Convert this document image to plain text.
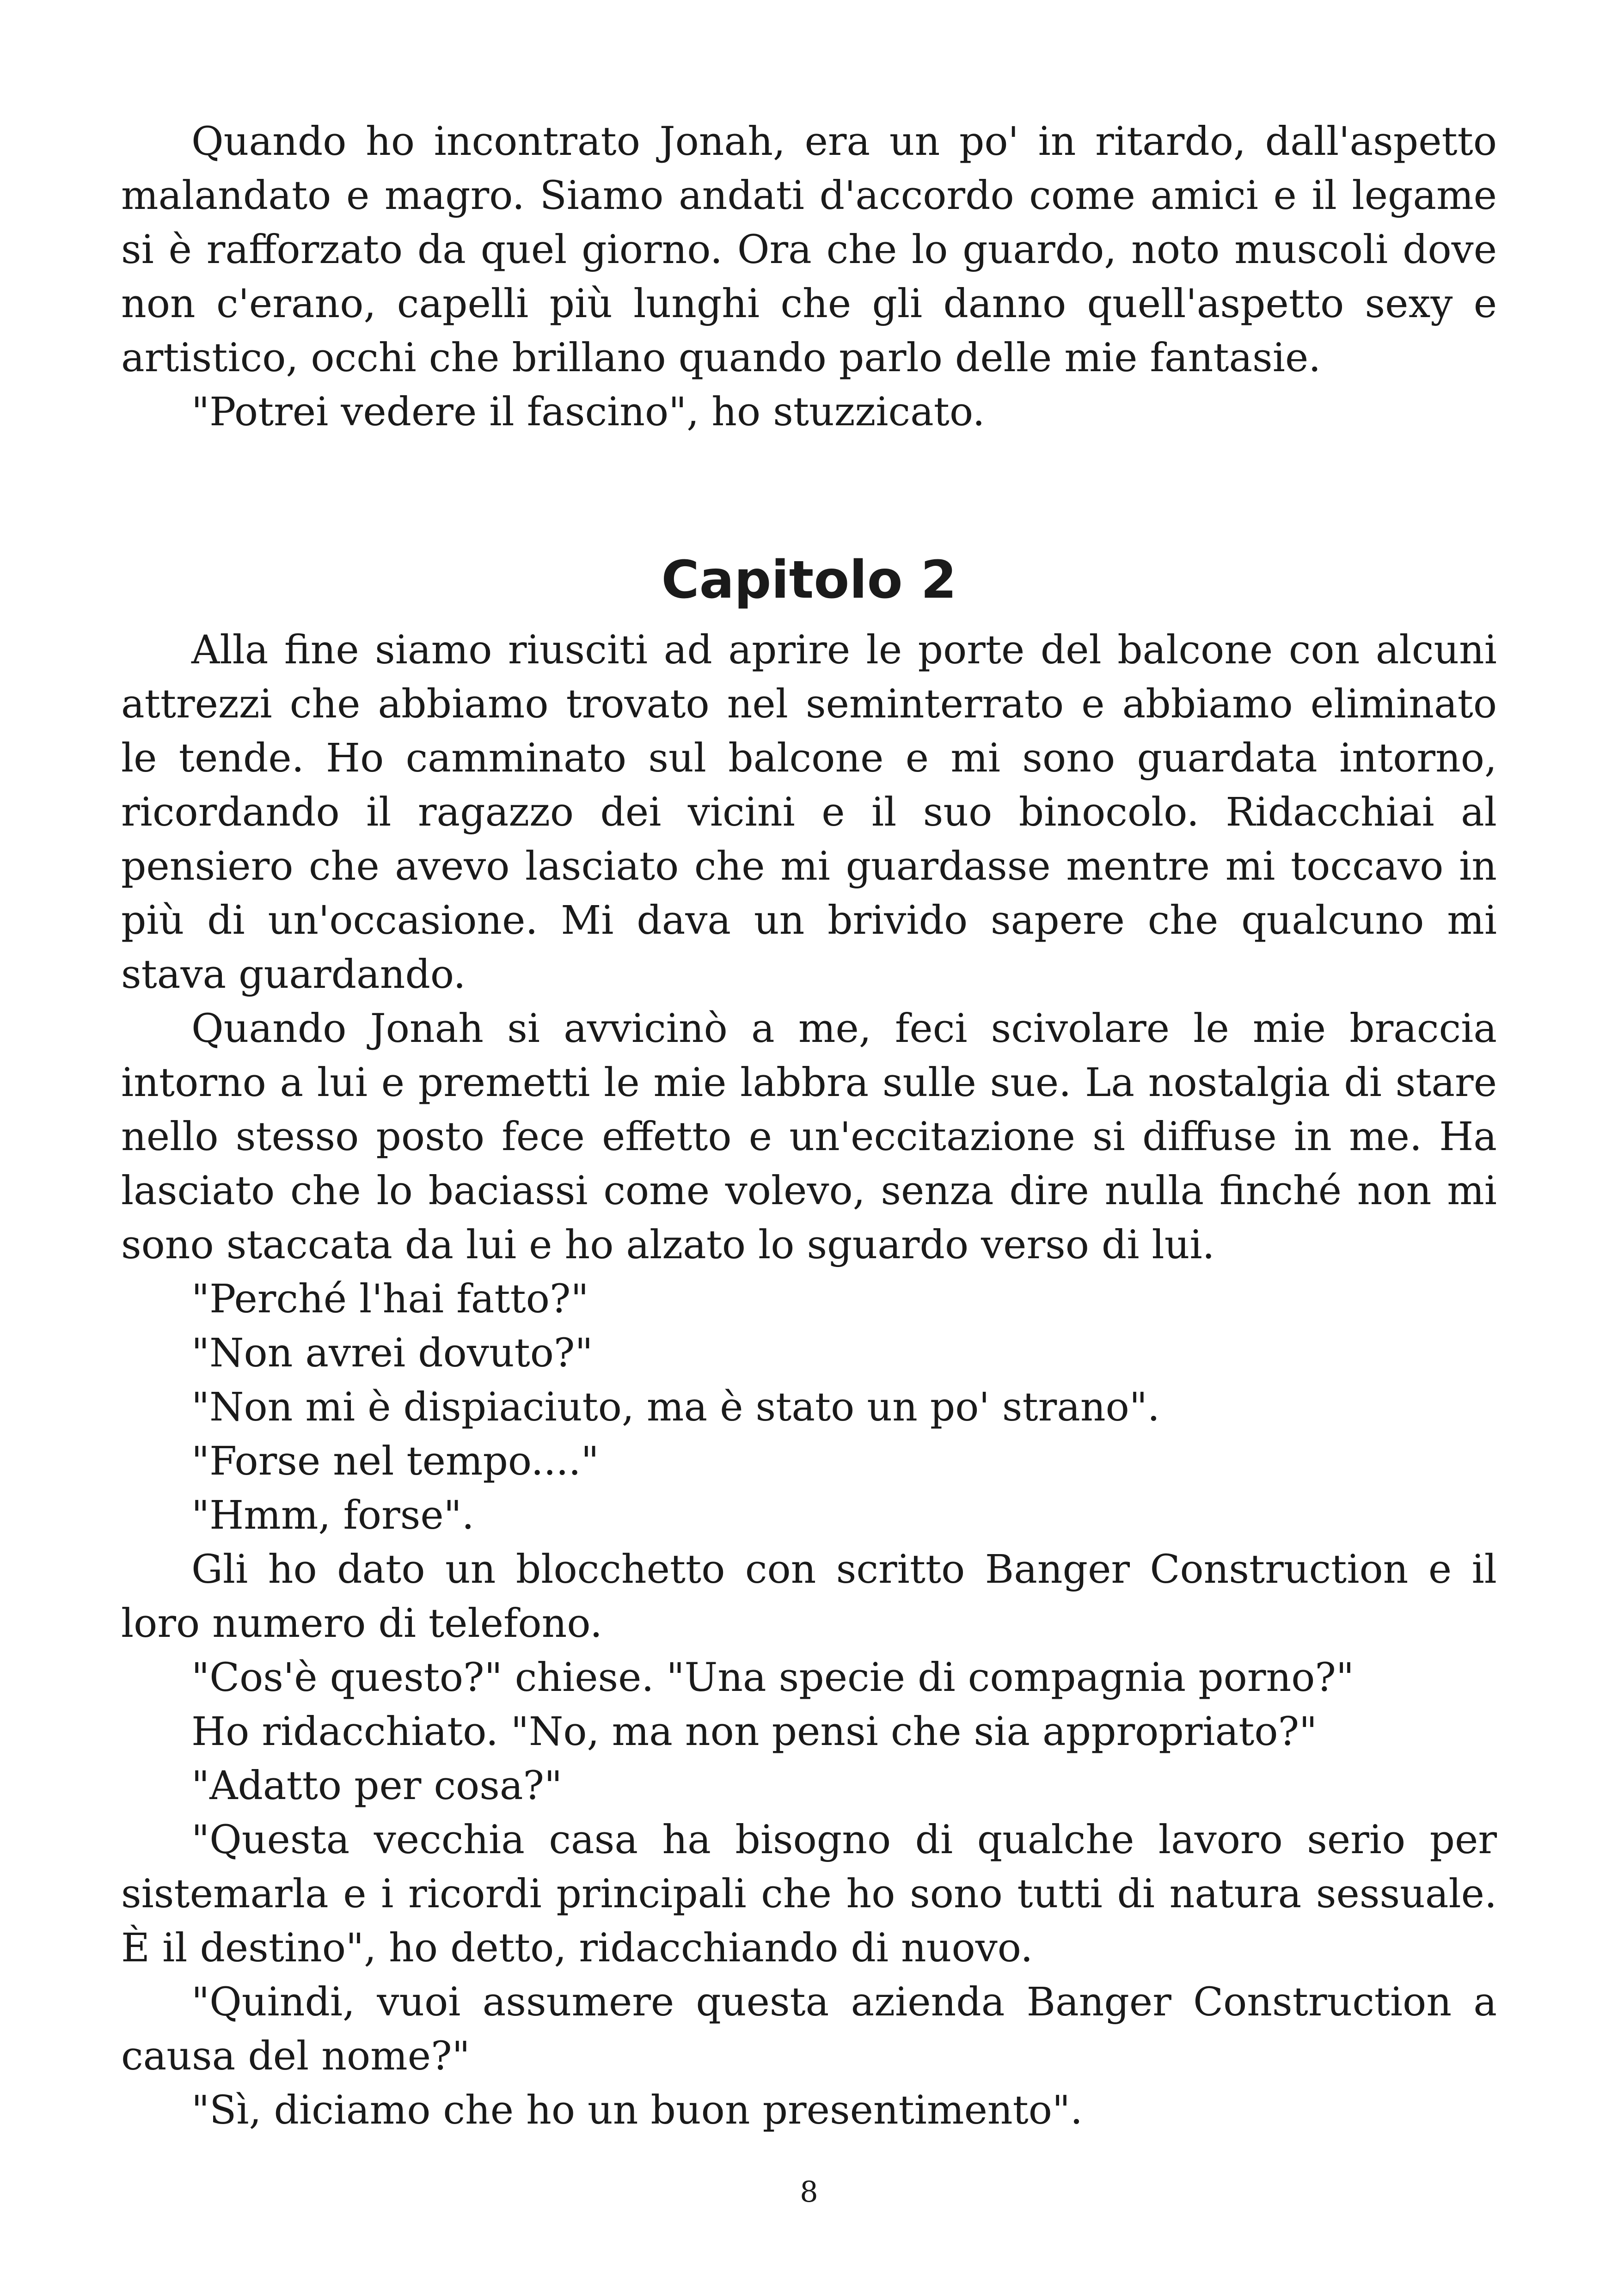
Quando ho incontrato Jonah, era un po' in ritardo, dall'aspetto malandato e magro. Siamo andati d'accordo come amici e il legame si è rafforzato da quel giorno. Ora che lo guardo, noto muscoli dove non c'erano, capelli più lunghi che gli danno quell'aspetto sexy e artistico, occhi che brillano quando parlo delle mie fantasie.

"Potrei vedere il fascino", ho stuzzicato.

Capitolo 2

Alla fine siamo riusciti ad aprire le porte del balcone con alcuni attrezzi che abbiamo trovato nel seminterrato e abbiamo eliminato le tende. Ho camminato sul balcone e mi sono guardata intorno, ricordando il ragazzo dei vicini e il suo binocolo. Ridacchiai al pensiero che avevo lasciato che mi guardasse mentre mi toccavo in più di un'occasione. Mi dava un brivido sapere che qualcuno mi stava guardando.

Quando Jonah si avvicinò a me, feci scivolare le mie braccia intorno a lui e premetti le mie labbra sulle sue. La nostalgia di stare nello stesso posto fece effetto e un'eccitazione si diffuse in me. Ha lasciato che lo baciassi come volevo, senza dire nulla finché non mi sono staccata da lui e ho alzato lo sguardo verso di lui.

"Perché l'hai fatto?"

"Non avrei dovuto?"

"Non mi è dispiaciuto, ma è stato un po' strano".

"Forse nel tempo...."

"Hmm, forse".

Gli ho dato un blocchetto con scritto Banger Construction e il loro numero di telefono.

"Cos'è questo?" chiese. "Una specie di compagnia porno?"

Ho ridacchiato. "No, ma non pensi che sia appropriato?"

"Adatto per cosa?"

"Questa vecchia casa ha bisogno di qualche lavoro serio per sistemarla e i ricordi principali che ho sono tutti di natura sessuale. È il destino", ho detto, ridacchiando di nuovo.

"Quindi, vuoi assumere questa azienda Banger Construction a causa del nome?"

"Sì, diciamo che ho un buon presentimento".

8
